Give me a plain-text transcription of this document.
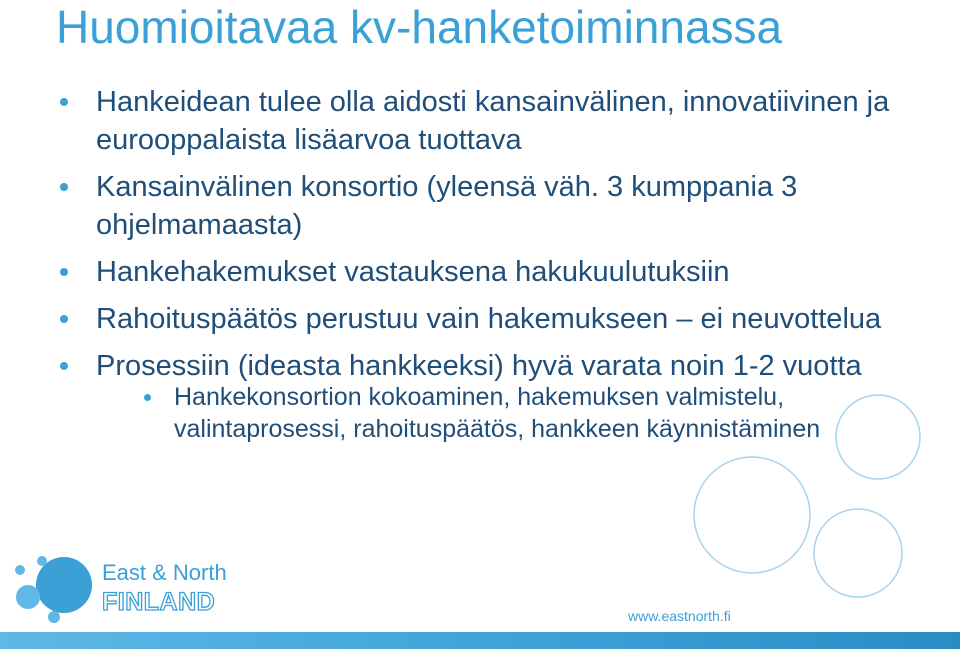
Huomioitavaa kv-hanketoiminnassa
Hankeidean tulee olla aidosti kansainvälinen, innovatiivinen ja eurooppalaista lisäarvoa tuottava
Kansainvälinen konsortio (yleensä väh. 3 kumppania 3 ohjelmamaasta)
Hankehakemukset vastauksena hakukuulutuksiin
Rahoituspäätös perustuu vain hakemukseen – ei neuvottelua
Prosessiin (ideasta hankkeeksi) hyvä varata noin 1-2 vuotta
Hankekonsortion kokoaminen, hakemuksen valmistelu, valintaprosessi, rahoituspäätös, hankkeen käynnistäminen
East & North
FINLAND	www.eastnorth.fi
